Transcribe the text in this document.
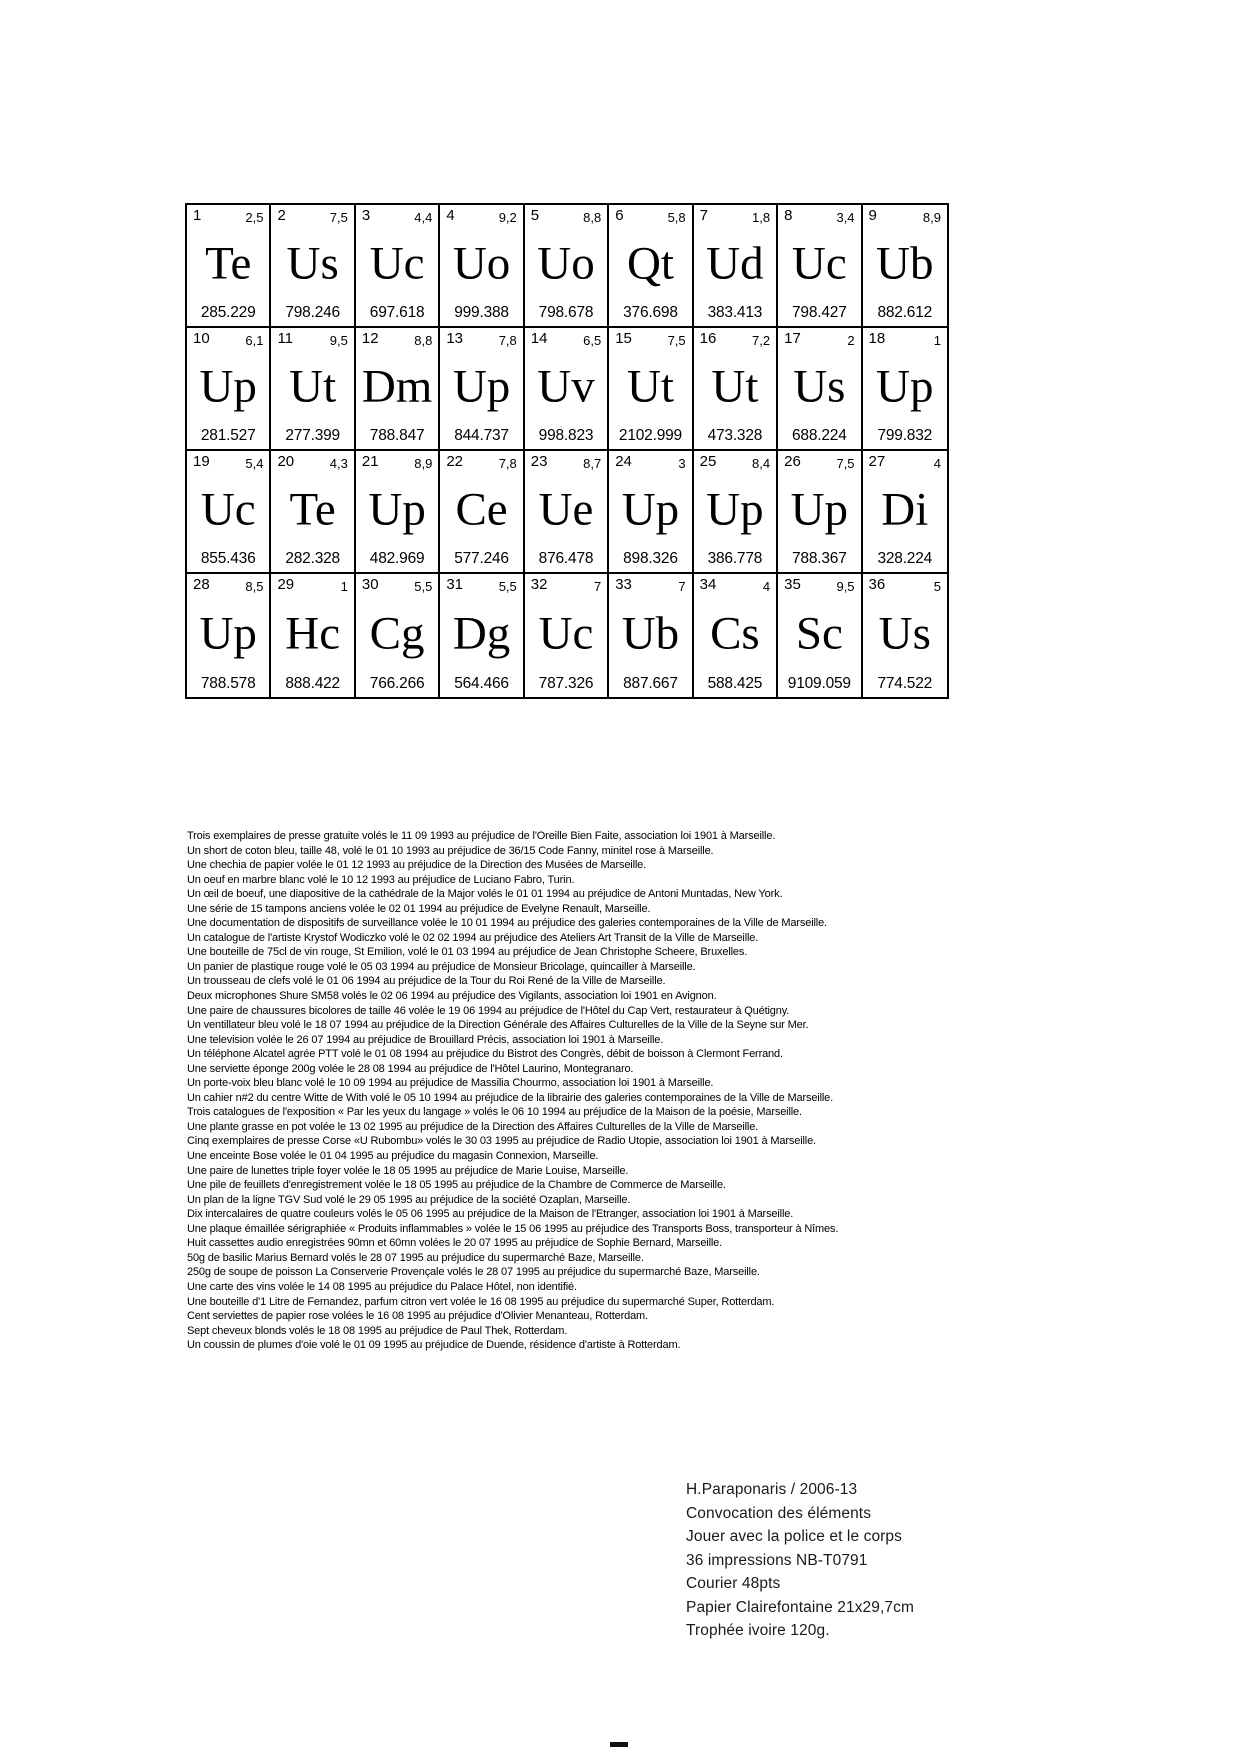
1	2,5
Te
285.229
2	7,5
Us
798.246
3	4,4
Uc
697.618
4	9,2
Uo
999.388
5	8,8
Uo
798.678
6	5,8
Qt
376.698
7	1,8
Ud
383.413
8	3,4
Uc
798.427
9	8,9
Ub
882.612
10	6,1
Up
281.527
11	9,5
Ut
277.399
12	8,8
Dm
788.847
13	7,8
Up
844.737
14	6,5
Uv
998.823
15	7,5
Ut
2102.999
16	7,2
Ut
473.328
17	2
Us
688.224
18	1
Up
799.832
19	5,4
Uc
855.436
20	4,3
Te
282.328
21	8,9
Up
482.969
22	7,8
Ce
577.246
23	8,7
Ue
876.478
24	3
Up
898.326
25	8,4
Up
386.778
26	7,5
Up
788.367
27	4
Di
328.224
28	8,5
Up
788.578
29	1
Hc
888.422
30	5,5
Cg
766.266
31	5,5
Dg
564.466
32	7
Uc
787.326
33	7
Ub
887.667
34	4
Cs
588.425
35	9,5
Sc
9109.059
36	5
Us
774.522
Trois exemplaires de presse gratuite volés le 11 09 1993 au préjudice de l'Oreille Bien Faite, association loi 1901 à Marseille.
Un short de coton bleu, taille 48, volé le 01 10 1993 au préjudice de 36/15 Code Fanny, minitel rose à Marseille.
Une chechia de papier volée le 01 12 1993 au préjudice de la Direction des Musées de Marseille.
Un oeuf en marbre blanc volé le 10 12 1993 au préjudice de Luciano Fabro, Turin.
Un œil de boeuf, une diapositive de la cathédrale de la Major volés le 01 01 1994 au préjudice de Antoni Muntadas, New York.
Une série de 15 tampons anciens volée le 02 01 1994 au préjudice de Evelyne Renault, Marseille.
Une documentation de dispositifs de surveillance volée le 10 01 1994 au préjudice des galeries contemporaines de la Ville de Marseille.
Un catalogue de l'artiste Krystof Wodiczko volé le 02 02 1994 au préjudice des Ateliers Art Transit de la Ville de Marseille.
Une bouteille de 75cl de vin rouge, St Emilion, volé le 01 03 1994 au préjudice de Jean Christophe Scheere, Bruxelles.
Un panier de plastique rouge volé le 05 03 1994 au préjudice de Monsieur Bricolage, quincailler à Marseille.
Un trousseau de clefs volé le 01 06 1994 au préjudice de la Tour du Roi René de la Ville de Marseille.
Deux microphones Shure SM58 volés le 02 06 1994 au préjudice des Vigilants, association loi 1901 en Avignon.
Une paire de chaussures bicolores de taille 46 volée le 19 06 1994 au préjudice de l'Hôtel du Cap Vert, restaurateur à Quétigny.
Un ventillateur bleu volé le 18 07 1994 au préjudice de la Direction Générale des Affaires Culturelles de la Ville de la Seyne sur Mer.
Une television volée le 26 07 1994 au préjudice de Brouillard Précis, association loi 1901 à Marseille.
Un téléphone Alcatel agrée PTT volé le 01 08 1994 au préjudice du Bistrot des Congrès, débit de boisson à Clermont Ferrand.
Une serviette éponge 200g volée le 28 08 1994 au préjudice de l'Hôtel Laurino, Montegranaro.
Un porte-voix bleu blanc volé le 10 09 1994 au préjudice de Massilia Chourmo, association loi 1901 à Marseille.
Un cahier n#2 du centre Witte de With volé le 05 10 1994 au préjudice de la librairie des galeries contemporaines de la Ville de Marseille.
Trois catalogues de l'exposition « Par les yeux du langage » volés le 06 10 1994 au préjudice de la Maison de la poésie, Marseille.
Une plante grasse en pot volée le 13 02 1995 au préjudice de la Direction des Affaires Culturelles de la Ville de Marseille.
Cinq exemplaires de presse Corse «U Rubombu» volés le 30 03 1995 au préjudice de Radio Utopie, association loi 1901 à Marseille.
Une enceinte Bose volée le 01 04 1995 au préjudice du magasin Connexion, Marseille.
Une paire de lunettes triple foyer volée le 18 05 1995 au préjudice de Marie Louise, Marseille.
Une pile de feuillets d'enregistrement volée le 18 05 1995 au préjudice de la Chambre de Commerce de Marseille.
Un plan de la ligne TGV Sud volé le 29 05 1995 au préjudice de la société Ozaplan, Marseille.
Dix intercalaires de quatre couleurs volés le 05 06 1995 au préjudice de la Maison de l'Etranger, association loi 1901 à Marseille.
Une plaque émaillée sérigraphiée « Produits inflammables » volée le 15 06 1995 au préjudice des Transports Boss, transporteur à Nîmes.
Huit cassettes audio enregistrées 90mn et 60mn volées le 20 07 1995 au préjudice de Sophie Bernard, Marseille.
50g de basilic Marius Bernard volés le 28 07 1995 au préjudice du supermarché Baze, Marseille.
250g de soupe de poisson La Conserverie Provençale volés le 28 07 1995 au préjudice du supermarché Baze, Marseille.
Une carte des vins volée le 14 08 1995 au préjudice du Palace Hôtel, non identifié.
Une bouteille d'1 Litre de Fernandez, parfum citron vert volée le 16 08 1995 au préjudice du supermarché Super, Rotterdam.
Cent serviettes de papier rose volées le 16 08 1995 au préjudice d'Olivier Menanteau, Rotterdam.
Sept cheveux blonds volés le 18 08 1995 au préjudice de Paul Thek, Rotterdam.
Un coussin de plumes d'oie volé le 01 09 1995 au préjudice de Duende, résidence d'artiste à Rotterdam.
H.Paraponaris / 2006-13
Convocation des éléments
Jouer avec la police et le corps
36 impressions NB-T0791
Courier 48pts
Papier Clairefontaine 21x29,7cm
Trophée ivoire 120g.
